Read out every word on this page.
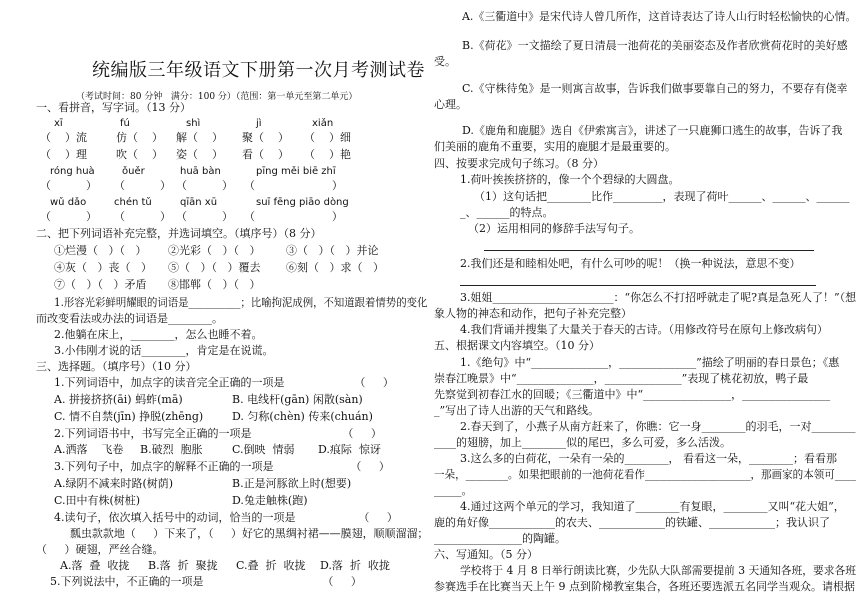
统编版三年级语文下册第一次月考测试卷
（考试时间：80 分钟   满分：100 分）（范围：第一单元至第二单元）
一、看拼音，写字词。（13 分）
xī	fú	shì	jì	xiǎn
（    ）流	仿（    ） 解（    ） 聚（    ） （    ）细
（    ）理	吹（    ） 姿（    ） 看（    ） （    ）艳
róng huà	ǒuěr	huā bàn	pīng měi biē zhī
（          ） （          ） （          ） （                      ）
wǔ dǎo	chén tǔ	qīān xū	suī fēng piāo dòng
（          ） （          ） （          ） （                      ）
二、把下列词语补充完整，并选词填空。（填序号）（8 分）
①烂漫（   ）（   ） ②光彩（   ）（   ） ③（   ）（   ）并论
④灰（   ）丧（   ） ⑤（   ）（   ）覆去 ⑥刻（   ）求（   ）
⑦（   ）（   ）矛盾 ⑧邯郸（   ）（   ）
1.形容光彩鲜明耀眼的词语是__________；比喻拘泥成例，不知道跟着情势的变化
而改变看法或办法的词语是________。
2.他躺在床上，________，怎么也睡不着。
3.小伟刚才说的话________，肯定是在说谎。
三、选择题。（填序号）（10 分）
1.下列词语中，加点字的读音完全正确的一项是                    （     ）
A. 拼接挤挤(āi) 蚂蚱(mā)	B. 电线杆(gān) 闲散(sàn)
C. 情不自禁(jīn) 挣脱(zhēng)	D. 匀称(chèn) 传来(chuán)
2.下列词语书中，书写完全正确的一项是                          （     ）
A.洒落    飞卷 B.破烈  胞胀	C.倒映  情弱 D.痕际  惊讶
3.下列句子中，加点字的解释不正确的一项是                      （     ）
A.绿阴不减来时路(树荫)	B.正是河豚欲上时(想要)
C.田中有株(树桩)	D.兔走触株(跑)
4.读句子，依次填入括号中的动词，恰当的一项是                  （     ）
瓢虫款款地（     ）下来了，（     ）好它的黑绸衬裙——膜翅，顺顺溜溜；
（     ）硬翅，严丝合缝。
A.落  叠  收拢 B.落  折  聚拢 C.叠  折  收拢 D.落  折  收拢
5.下列说法中，不正确的一项是                                  （     ）
A.《三衢道中》是宋代诗人曾几所作，这首诗表达了诗人山行时轻松愉快的心情。
B.《荷花》一文描绘了夏日清晨一池荷花的美丽姿态及作者欣赏荷花时的美好感
受。
C.《守株待兔》是一则寓言故事，告诉我们做事要靠自己的努力，不要存有侥幸
心理。
D.《鹿角和鹿腿》选自《伊索寓言》，讲述了一只鹿狮口逃生的故事，告诉了我
们美丽的鹿角不重要，实用的鹿腿才是最重要的。
四、按要求完成句子练习。（8 分）
1.荷叶挨挨挤挤的，像一个个碧绿的大圆盘。
（1）这句话把________比作_________，表现了荷叶______、______、______
_、______的特点。
（2）运用相同的修辞手法写句子。
2.我们还是和睦相处吧，有什么可吵的呢！（换一种说法，意思不变）
3.姐姐______________________：“你怎么不打招呼就走了呢?真是急死人了！”（想
象人物的神态和动作，把句子补充完整）
4.我们背诵并搜集了大量关于春天的古诗。（用修改符号在原句上修改病句）
五、根据课文内容填空。（10 分）
1.《绝句》中“______________，______________”描绘了明丽的春日景色；《惠
崇春江晚景》中“______________，______________”表现了桃花初放，鸭子最
先察觉到初春江水的回暖；《三衢道中》中“________________，________________
_”写出了诗人出游的天气和路线。
2.春天到了，小燕子从南方赶来了，你瞧：它一身________的羽毛，一对________
____的翅膀，加上________似的尾巴，多么可爱，多么活泼。
3.这么多的白荷花，一朵有一朵的________， 看看这一朵，________；看看那
一朵，________。如果把眼前的一池荷花看作____________________，那画家的本领可____
_____。
4.通过这两个单元的学习，我知道了________有复眼，________又叫“花大姐”，
鹿的角好像____________的农夫、____________的铁罐、____________；我认识了
________________的陶罐。
六、写通知。（5 分）
学校将于 4 月 8 日举行朗读比赛，少先队大队部需要提前 3 天通知各班，要求各班
参赛选手在比赛当天上午 9 点到阶梯教室集合，各班还要选派五名同学当观众。请根据
